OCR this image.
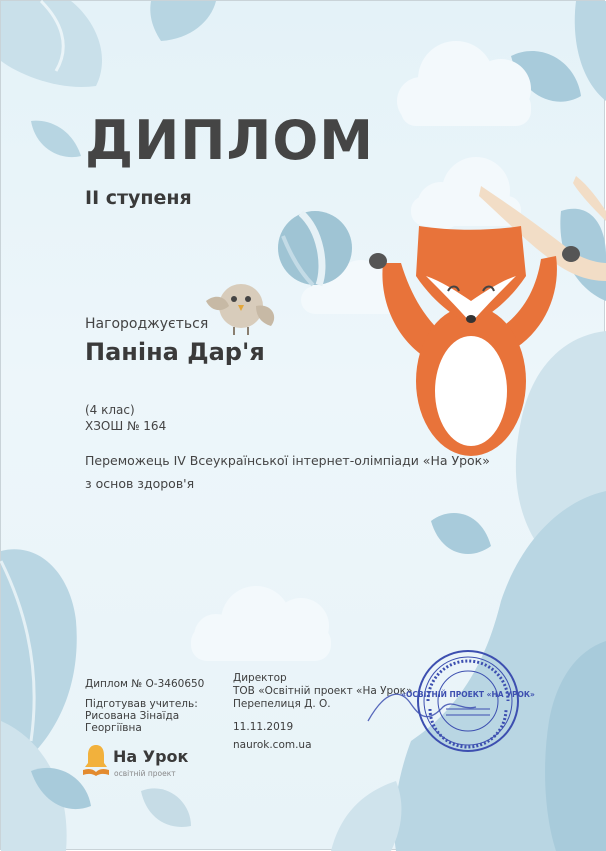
ДИПЛОМ
ІІ ступеня
Нагороджується
Паніна Дар'я
(4 клас)
ХЗОШ № 164
Переможець IV Всеукраїнської інтернет-олімпіади «На Урок»
з основ здоров'я
Диплом № О-3460650
Підготував учитель:
Рисована Зінаїда
Георгіївна
Директор
ТОВ «Освітній проект «На Урок»
Перепелиця Д. О.
11.11.2019
naurok.com.ua
На Урок
освітній проект
«ОСВІТНІЙ ПРОЕКТ «НА УРОК»
